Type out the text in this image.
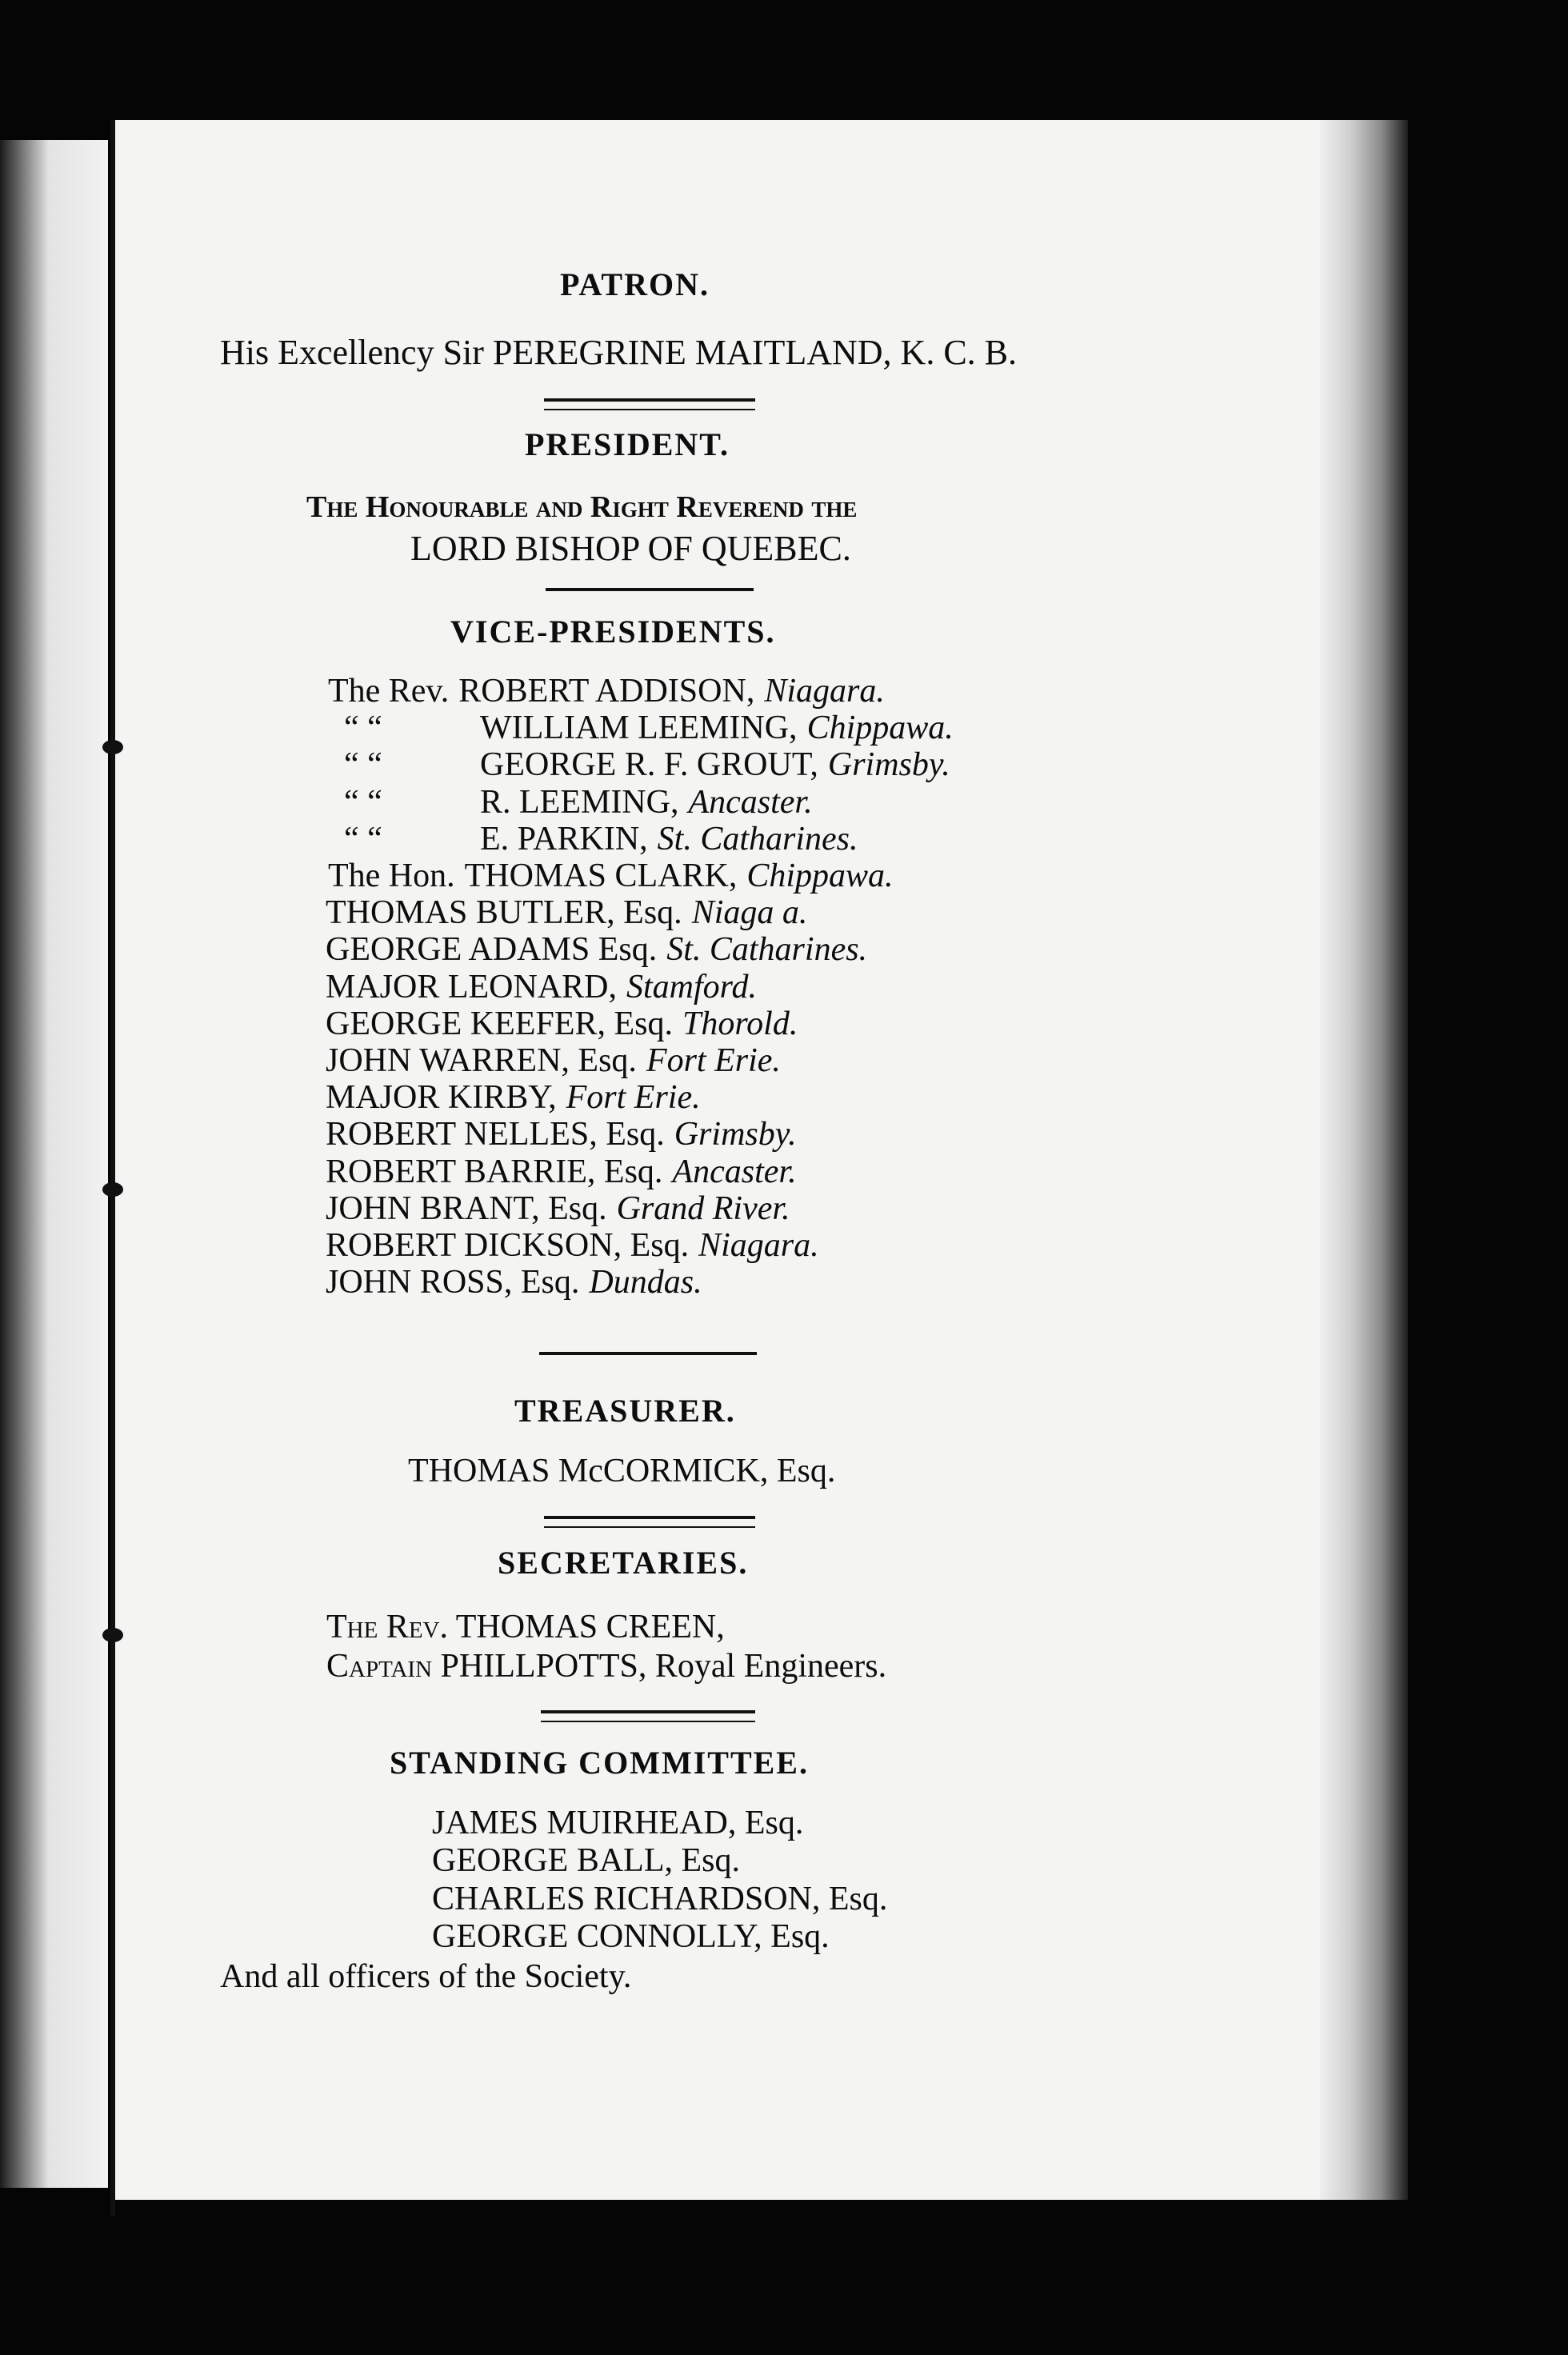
PATRON.
His Excellency Sir PEREGRINE MAITLAND, K. C. B.
PRESIDENT.
The Honourable and Right Reverend the
LORD BISHOP OF QUEBEC.
VICE-PRESIDENTS.
The Rev. ROBERT ADDISON, Niagara.
“ “	WILLIAM LEEMING, Chippawa.
“ “	GEORGE R. F. GROUT, Grimsby.
“ “	R. LEEMING, Ancaster.
“ “	E. PARKIN, St. Catharines.
The Hon. THOMAS CLARK, Chippawa.
THOMAS BUTLER, Esq. Niaga a.
GEORGE ADAMS Esq. St. Catharines.
MAJOR LEONARD, Stamford.
GEORGE KEEFER, Esq. Thorold.
JOHN WARREN, Esq. Fort Erie.
MAJOR KIRBY, Fort Erie.
ROBERT NELLES, Esq. Grimsby.
ROBERT BARRIE, Esq. Ancaster.
JOHN BRANT, Esq. Grand River.
ROBERT DICKSON, Esq. Niagara.
JOHN ROSS, Esq. Dundas.
TREASURER.
THOMAS McCORMICK, Esq.
SECRETARIES.
The Rev. THOMAS CREEN,
Captain PHILLPOTTS, Royal Engineers.
STANDING COMMITTEE.
JAMES MUIRHEAD, Esq.
GEORGE BALL, Esq.
CHARLES RICHARDSON, Esq.
GEORGE CONNOLLY, Esq.
And all officers of the Society.
